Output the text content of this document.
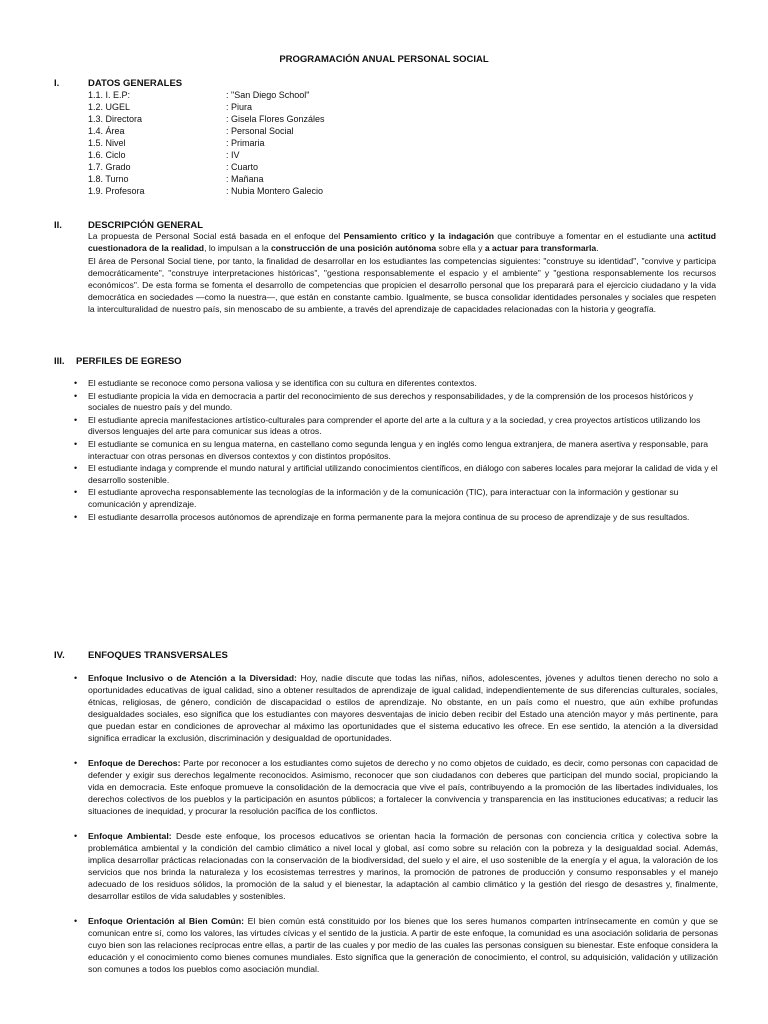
PROGRAMACIÓN ANUAL PERSONAL SOCIAL
I.	DATOS GENERALES
1.1. I. E.P:	: "San Diego School"
1.2. UGEL	: Piura
1.3. Directora	: Gisela Flores Gonzáles
1.4. Área	: Personal Social
1.5. Nivel	: Primaria
1.6. Ciclo	: IV
1.7. Grado	: Cuarto
1.8. Turno	: Mañana
1.9. Profesora	: Nubia Montero Galecio
II.	DESCRIPCIÓN GENERAL
La propuesta de Personal Social está basada en el enfoque del Pensamiento crítico y la indagación que contribuye a fomentar en el estudiante una actitud cuestionadora de la realidad, lo impulsan a la construcción de una posición autónoma sobre ella y a actuar para transformarla.
El área de Personal Social tiene, por tanto, la finalidad de desarrollar en los estudiantes las competencias siguientes: "construye su identidad", "convive y participa democráticamente", "construye interpretaciones históricas", "gestiona responsablemente el espacio y el ambiente" y "gestiona responsablemente los recursos económicos". De esta forma se fomenta el desarrollo de competencias que propicien el desarrollo personal que los preparará para el ejercicio ciudadano y la vida democrática en sociedades —como la nuestra—, que están en constante cambio. Igualmente, se busca consolidar identidades personales y sociales que respeten la interculturalidad de nuestro país, sin menoscabo de su ambiente, a través del aprendizaje de capacidades relacionadas con la historia y geografía.
III. PERFILES DE EGRESO
• El estudiante se reconoce como persona valiosa y se identifica con su cultura en diferentes contextos.
• El estudiante propicia la vida en democracia a partir del reconocimiento de sus derechos y responsabilidades, y de la comprensión de los procesos históricos y sociales de nuestro país y del mundo.
• El estudiante aprecia manifestaciones artístico-culturales para comprender el aporte del arte a la cultura y a la sociedad, y crea proyectos artísticos utilizando los diversos lenguajes del arte para comunicar sus ideas a otros.
• El estudiante se comunica en su lengua materna, en castellano como segunda lengua y en inglés como lengua extranjera, de manera asertiva y responsable, para interactuar con otras personas en diversos contextos y con distintos propósitos.
• El estudiante indaga y comprende el mundo natural y artificial utilizando conocimientos científicos, en diálogo con saberes locales para mejorar la calidad de vida y el desarrollo sostenible.
• El estudiante aprovecha responsablemente las tecnologías de la información y de la comunicación (TIC), para interactuar con la información y gestionar su comunicación y aprendizaje.
• El estudiante desarrolla procesos autónomos de aprendizaje en forma permanente para la mejora continua de su proceso de aprendizaje y de sus resultados.
IV. ENFOQUES TRANSVERSALES
• Enfoque Inclusivo o de Atención a la Diversidad: Hoy, nadie discute que todas las niñas, niños, adolescentes, jóvenes y adultos tienen derecho no solo a oportunidades educativas de igual calidad, sino a obtener resultados de aprendizaje de igual calidad, independientemente de sus diferencias culturales, sociales, étnicas, religiosas, de género, condición de discapacidad o estilos de aprendizaje. No obstante, en un país como el nuestro, que aún exhibe profundas desigualdades sociales, eso significa que los estudiantes con mayores desventajas de inicio deben recibir del Estado una atención mayor y más pertinente, para que puedan estar en condiciones de aprovechar al máximo las oportunidades que el sistema educativo les ofrece. En ese sentido, la atención a la diversidad significa erradicar la exclusión, discriminación y desigualdad de oportunidades.
• Enfoque de Derechos: Parte por reconocer a los estudiantes como sujetos de derecho y no como objetos de cuidado, es decir, como personas con capacidad de defender y exigir sus derechos legalmente reconocidos. Asimismo, reconocer que son ciudadanos con deberes que participan del mundo social, propiciando la vida en democracia. Este enfoque promueve la consolidación de la democracia que vive el país, contribuyendo a la promoción de las libertades individuales, los derechos colectivos de los pueblos y la participación en asuntos públicos; a fortalecer la convivencia y transparencia en las instituciones educativas; a reducir las situaciones de inequidad, y procurar la resolución pacífica de los conflictos.
• Enfoque Ambiental: Desde este enfoque, los procesos educativos se orientan hacia la formación de personas con conciencia crítica y colectiva sobre la problemática ambiental y la condición del cambio climático a nivel local y global, así como sobre su relación con la pobreza y la desigualdad social. Además, implica desarrollar prácticas relacionadas con la conservación de la biodiversidad, del suelo y el aire, el uso sostenible de la energía y el agua, la valoración de los servicios que nos brinda la naturaleza y los ecosistemas terrestres y marinos, la promoción de patrones de producción y consumo responsables y el manejo adecuado de los residuos sólidos, la promoción de la salud y el bienestar, la adaptación al cambio climático y la gestión del riesgo de desastres y, finalmente, desarrollar estilos de vida saludables y sostenibles.
• Enfoque Orientación al Bien Común: El bien común está constituido por los bienes que los seres humanos comparten intrínsecamente en común y que se comunican entre sí, como los valores, las virtudes cívicas y el sentido de la justicia. A partir de este enfoque, la comunidad es una asociación solidaria de personas cuyo bien son las relaciones recíprocas entre ellas, a partir de las cuales y por medio de las cuales las personas consiguen su bienestar. Este enfoque considera la educación y el conocimiento como bienes comunes mundiales. Esto significa que la generación de conocimiento, el control, su adquisición, validación y utilización son comunes a todos los pueblos como asociación mundial.
